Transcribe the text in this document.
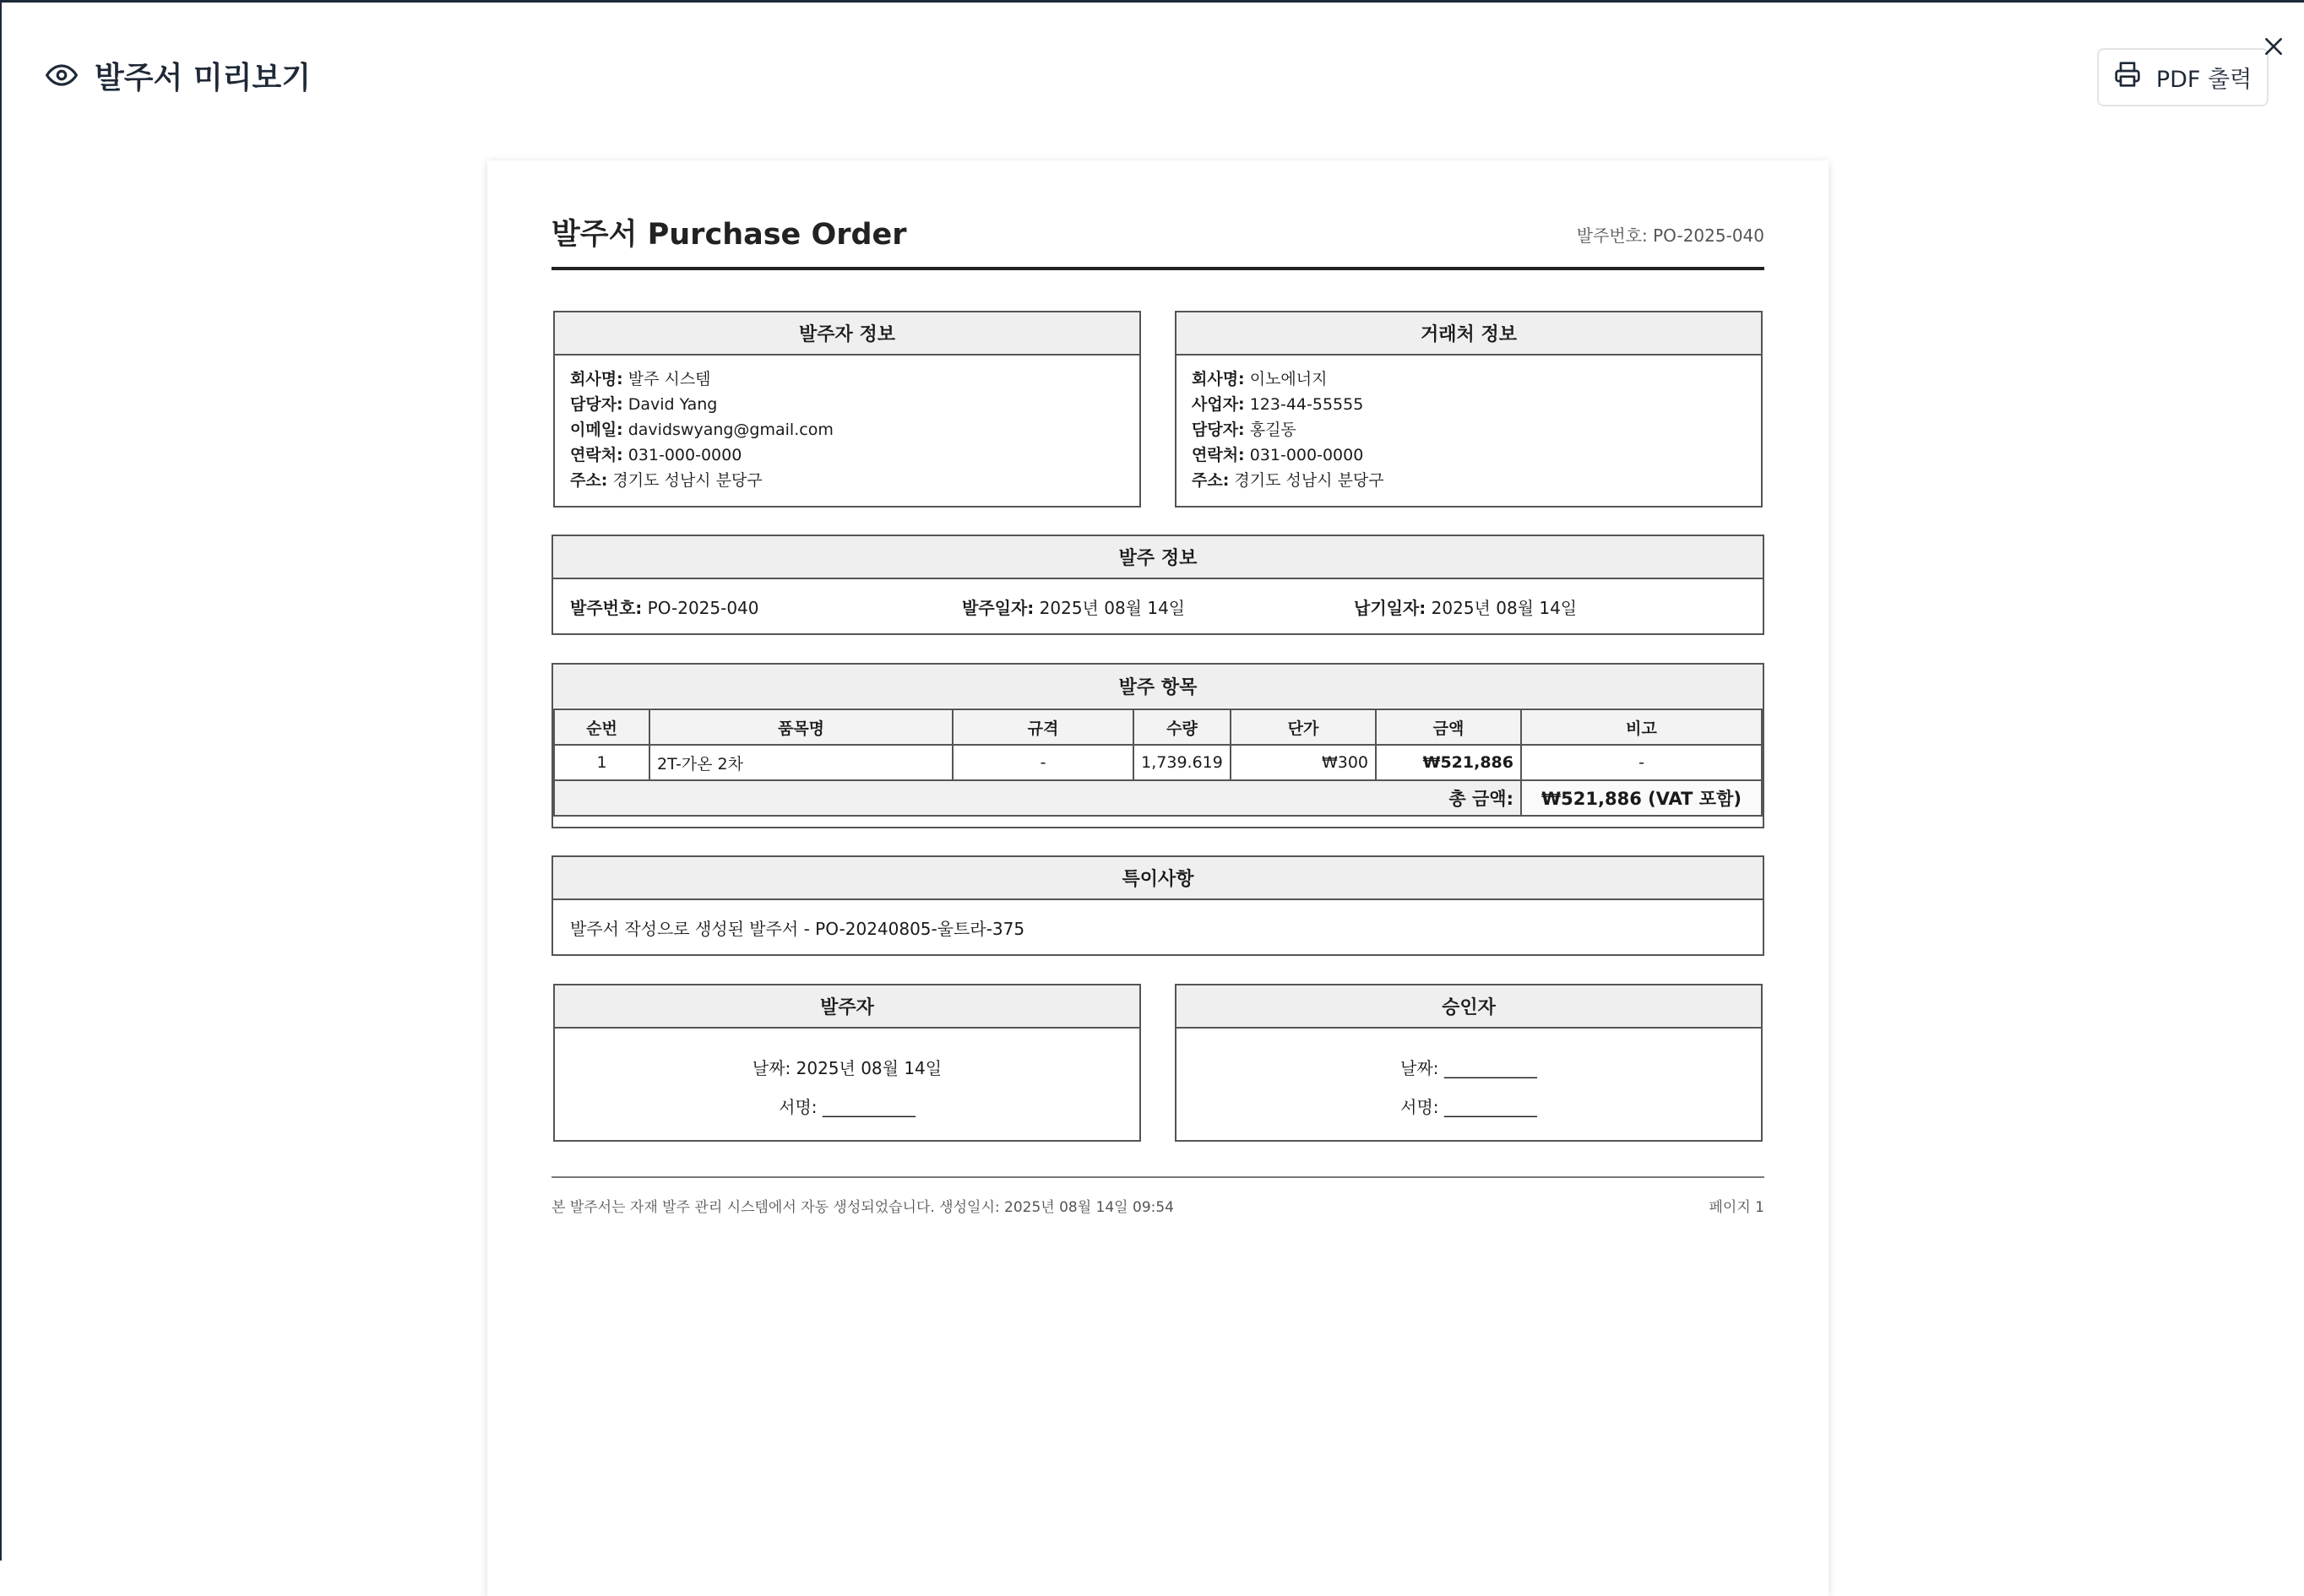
발주서 미리보기	PDF 출력
발주서 Purchase Order	발주번호: PO-2025-040
발주자 정보
회사명: 발주 시스템
담당자: David Yang
이메일: davidswyang@gmail.com
연락처: 031-000-0000
주소: 경기도 성남시 분당구
거래처 정보
회사명: 이노에너지
사업자: 123-44-55555
담당자: 홍길동
연락처: 031-000-0000
주소: 경기도 성남시 분당구
발주 정보
발주번호: PO-2025-040	발주일자: 2025년 08월 14일	납기일자: 2025년 08월 14일
발주 항목
순번	품목명	규격	수량	단가	금액	비고
1	2T-가온 2차	-	1,739.619	₩300	₩521,886	-
총 금액:						₩521,886 (VAT 포함)
특이사항
발주서 작성으로 생성된 발주서 - PO-20240805-울트라-375
발주자
날짜: 2025년 08월 14일
서명: ___________
승인자
날짜: ___________
서명: ___________
본 발주서는 자재 발주 관리 시스템에서 자동 생성되었습니다. 생성일시: 2025년 08월 14일 09:54	페이지 1
